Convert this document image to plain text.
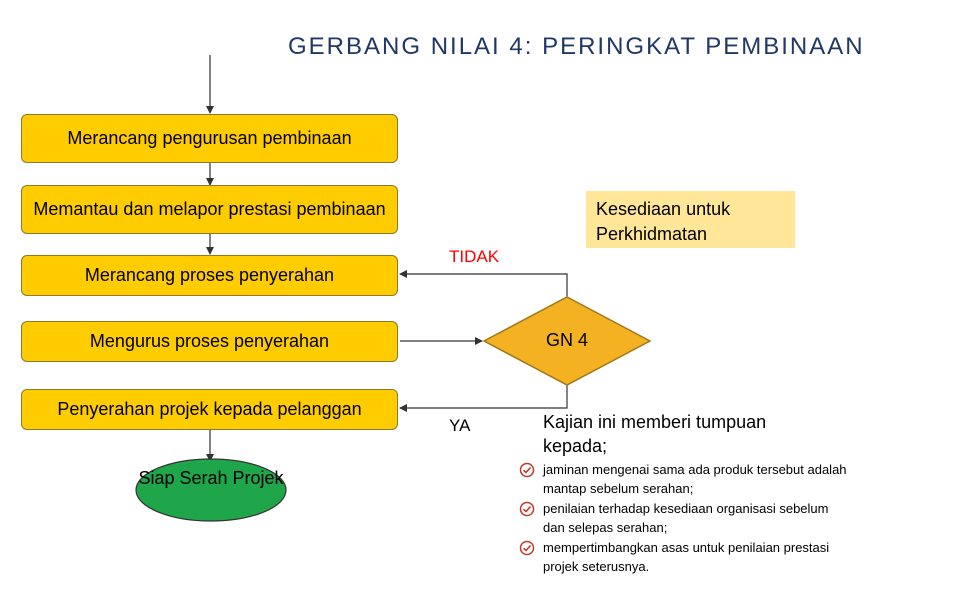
GERBANG NILAI 4: PERINGKAT PEMBINAAN
Merancang pengurusan pembinaan
Memantau dan melapor prestasi pembinaan
Merancang proses penyerahan
Mengurus proses penyerahan
Penyerahan projek kepada pelanggan
Kesediaan untuk Perkhidmatan
TIDAK
YA
GN 4
Siap Serah Projek
Kajian ini memberi tumpuan kepada;
jaminan mengenai sama ada produk tersebut adalah mantap sebelum serahan;
penilaian terhadap kesediaan organisasi sebelum dan selepas serahan;
mempertimbangkan asas untuk penilaian prestasi projek seterusnya.
